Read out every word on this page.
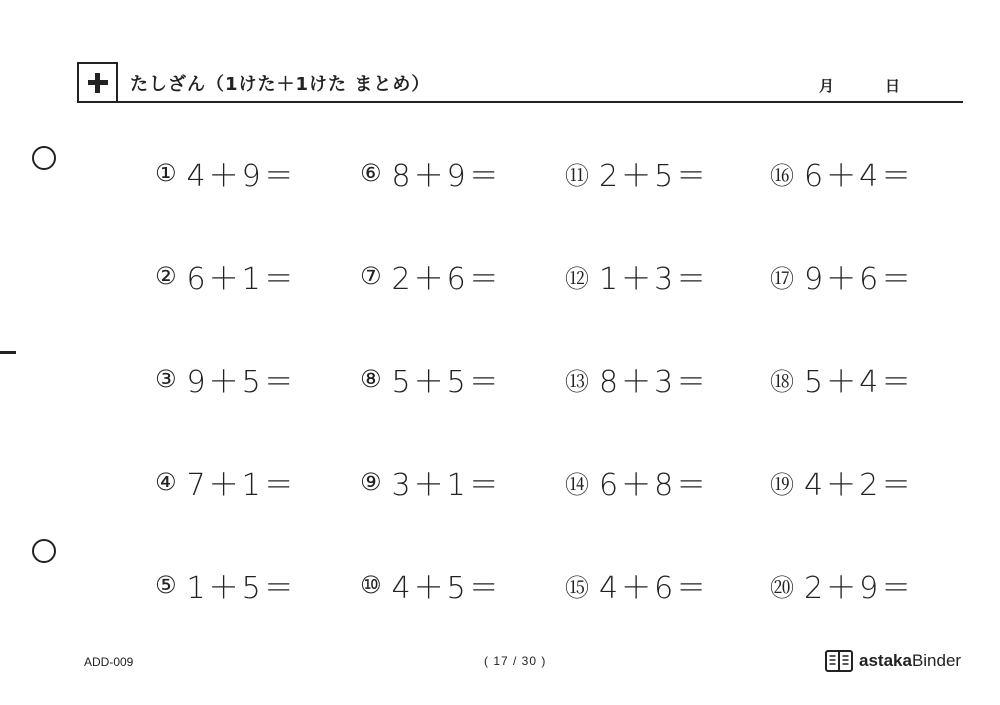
たしざん（1けた＋1けた まとめ）	月	日
① 4＋9＝
② 6＋1＝
③ 9＋5＝
④ 7＋1＝
⑤ 1＋5＝
⑥ 8＋9＝
⑦ 2＋6＝
⑧ 5＋5＝
⑨ 3＋1＝
⑩ 4＋5＝
⑪ 2＋5＝
⑫ 1＋3＝
⑬ 8＋3＝
⑭ 6＋8＝
⑮ 4＋6＝
⑯ 6＋4＝
⑰ 9＋6＝
⑱ 5＋4＝
⑲ 4＋2＝
⑳ 2＋9＝
ADD-009	( 17 / 30 )	astakaBinder
